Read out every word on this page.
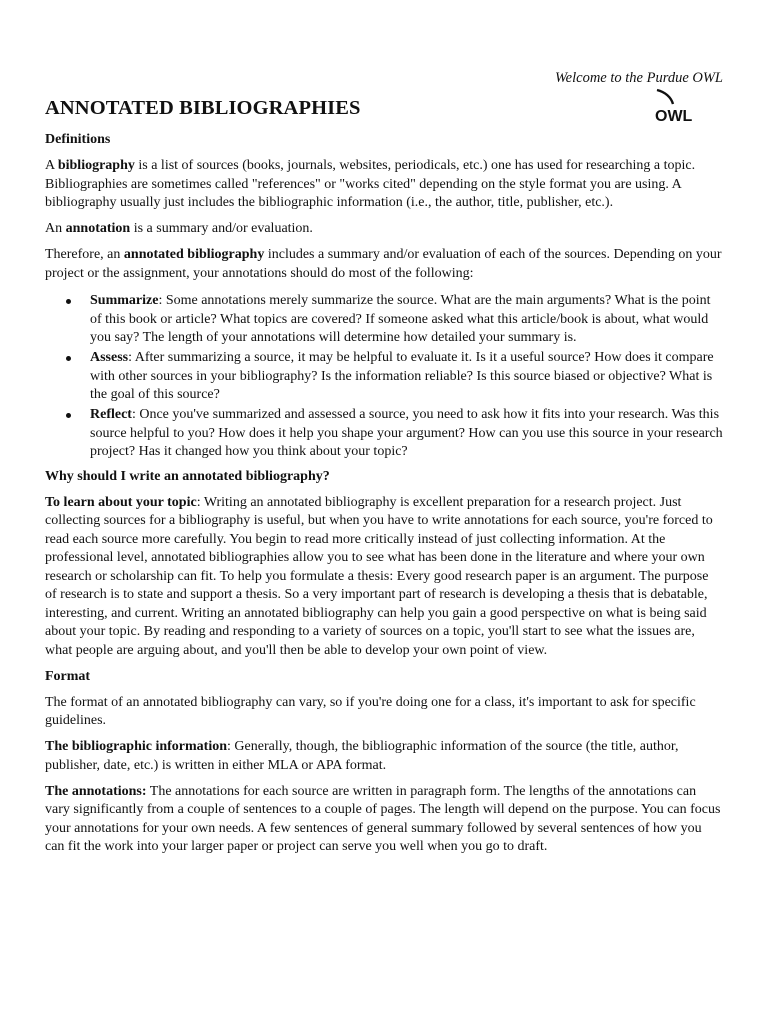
Welcome to the Purdue OWL
OWL
ANNOTATED BIBLIOGRAPHIES
Definitions

A bibliography is a list of sources (books, journals, websites, periodicals, etc.) one has used for researching a topic. Bibliographies are sometimes called "references" or "works cited" depending on the style format you are using. A bibliography usually just includes the bibliographic information (i.e., the author, title, publisher, etc.).

An annotation is a summary and/or evaluation.

Therefore, an annotated bibliography includes a summary and/or evaluation of each of the sources. Depending on your project or the assignment, your annotations should do most of the following:

Summarize: Some annotations merely summarize the source. What are the main arguments? What is the point of this book or article? What topics are covered? If someone asked what this article/book is about, what would you say? The length of your annotations will determine how detailed your summary is.
Assess: After summarizing a source, it may be helpful to evaluate it. Is it a useful source? How does it compare with other sources in your bibliography? Is the information reliable? Is this source biased or objective? What is the goal of this source?
Reflect: Once you've summarized and assessed a source, you need to ask how it fits into your research. Was this source helpful to you? How does it help you shape your argument? How can you use this source in your research project? Has it changed how you think about your topic?
Why should I write an annotated bibliography?

To learn about your topic: Writing an annotated bibliography is excellent preparation for a research project. Just collecting sources for a bibliography is useful, but when you have to write annotations for each source, you're forced to read each source more carefully. You begin to read more critically instead of just collecting information. At the professional level, annotated bibliographies allow you to see what has been done in the literature and where your own research or scholarship can fit. To help you formulate a thesis: Every good research paper is an argument. The purpose of research is to state and support a thesis. So a very important part of research is developing a thesis that is debatable, interesting, and current. Writing an annotated bibliography can help you gain a good perspective on what is being said about your topic. By reading and responding to a variety of sources on a topic, you'll start to see what the issues are, what people are arguing about, and you'll then be able to develop your own point of view.

Format

The format of an annotated bibliography can vary, so if you're doing one for a class, it's important to ask for specific guidelines.

The bibliographic information: Generally, though, the bibliographic information of the source (the title, author, publisher, date, etc.) is written in either MLA or APA format.

The annotations: The annotations for each source are written in paragraph form. The lengths of the annotations can vary significantly from a couple of sentences to a couple of pages. The length will depend on the purpose. You can focus your annotations for your own needs. A few sentences of general summary followed by several sentences of how you can fit the work into your larger paper or project can serve you well when you go to draft.
